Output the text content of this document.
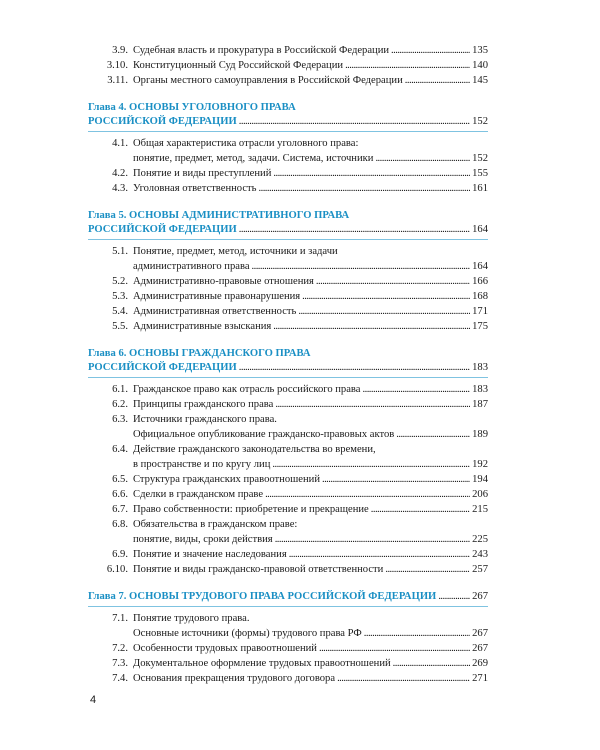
3.9. Судебная власть и прокуратура в Российской Федерации . . .	135
3.10. Конституционный Суд Российской Федерации . . .	140
3.11. Органы местного самоуправления в Российской Федерации . . .	145
Глава 4. ОСНОВЫ УГОЛОВНОГО ПРАВА
РОССИЙСКОЙ ФЕДЕРАЦИИ . . .	152
4.1. Общая характеристика отрасли уголовного права:
понятие, предмет, метод, задачи. Система, источники . . .	152
4.2. Понятие и виды преступлений . . .	155
4.3. Уголовная ответственность . . .	161
Глава 5. ОСНОВЫ АДМИНИСТРАТИВНОГО ПРАВА
РОССИЙСКОЙ ФЕДЕРАЦИИ . . .	164
5.1. Понятие, предмет, метод, источники и задачи
административного права . . .	164
5.2. Административно-правовые отношения . . .	166
5.3. Административные правонарушения . . .	168
5.4. Административная ответственность . . .	171
5.5. Административные взыскания . . .	175
Глава 6. ОСНОВЫ ГРАЖДАНСКОГО ПРАВА
РОССИЙСКОЙ ФЕДЕРАЦИИ . . .	183
6.1. Гражданское право как отрасль российского права . . .	183
6.2. Принципы гражданского права . . .	187
6.3. Источники гражданского права.
Официальное опубликование гражданско-правовых актов . . .	189
6.4. Действие гражданского законодательства во времени,
в пространстве и по кругу лиц . . .	192
6.5. Структура гражданских правоотношений . . .	194
6.6. Сделки в гражданском праве . . .	206
6.7. Право собственности: приобретение и прекращение . . .	215
6.8. Обязательства в гражданском праве:
понятие, виды, сроки действия . . .	225
6.9. Понятие и значение наследования . . .	243
6.10. Понятие и виды гражданско-правовой ответственности . . .	257
Глава 7. ОСНОВЫ ТРУДОВОГО ПРАВА РОССИЙСКОЙ ФЕДЕРАЦИИ . . .	267
7.1. Понятие трудового права.
Основные источники (формы) трудового права РФ . . .	267
7.2. Особенности трудовых правоотношений . . .	267
7.3. Документальное оформление трудовых правоотношений . . .	269
7.4. Основания прекращения трудового договора . . .	271
4
